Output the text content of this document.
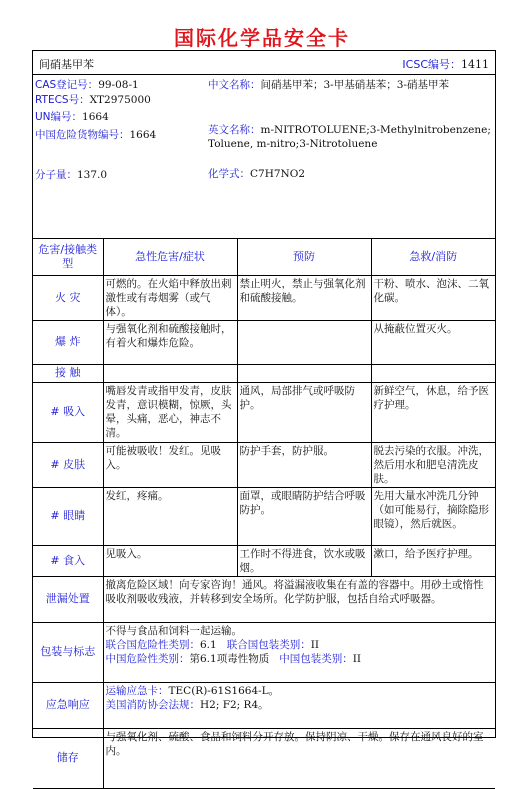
国际化学品安全卡
间硝基甲苯	ICSC编号：1411
CAS登记号：99-08-1
RTECS号：XT2975000
UN编号：1664
中国危险货物编号：1664
分子量：137.0
中文名称：间硝基甲苯；3-甲基硝基苯；3-硝基甲苯
英文名称：m-NITROTOLUENE;3-Methylnitrobenzene;Toluene, m-nitro;3-Nitrotoluene
化学式：C7H7NO2
危害/接触类型	急性危害/症状	预防	急救/消防
火 灾	可燃的。在火焰中释放出刺激性或有毒烟雾（或气体）。	禁止明火，禁止与强氧化剂和硫酸接触。	干粉、喷水、泡沫、二氧化碳。
爆 炸	与强氧化剂和硫酸接触时，有着火和爆炸危险。		从掩蔽位置灭火。
接 触			
# 吸入	嘴唇发青或指甲发青，皮肤发青，意识模糊，惊厥，头晕，头痛，恶心，神志不清。	通风，局部排气或呼吸防护。	新鲜空气，休息，给予医疗护理。
# 皮肤	可能被吸收！发红。见吸入。	防护手套，防护服。	脱去污染的衣服。冲洗，然后用水和肥皂清洗皮肤。
# 眼睛	发红，疼痛。	面罩，或眼睛防护结合呼吸防护。	先用大量水冲洗几分钟（如可能易行，摘除隐形眼镜），然后就医。
# 食入	见吸入。	工作时不得进食，饮水或吸烟。	漱口，给予医疗护理。
泄漏处置	撤离危险区域！向专家咨询！通风。将溢漏液收集在有盖的容器中。用砂土或惰性吸收剂吸收残液，并转移到安全场所。化学防护服，包括自给式呼吸器。		
包装与标志	不得与食品和饲料一起运输。
联合国危险性类别：6.1 联合国包装类别：II
中国危险性类别：第6.1项毒性物质 中国包装类别：II		

应急响应	运输应急卡：TEC(R)-61S1664-L。
美国消防协会法规：H2; F2; R4。		

储存	与强氧化剂、硫酸、食品和饲料分开存放。保持阴凉、干燥。保存在通风良好的室内。		
